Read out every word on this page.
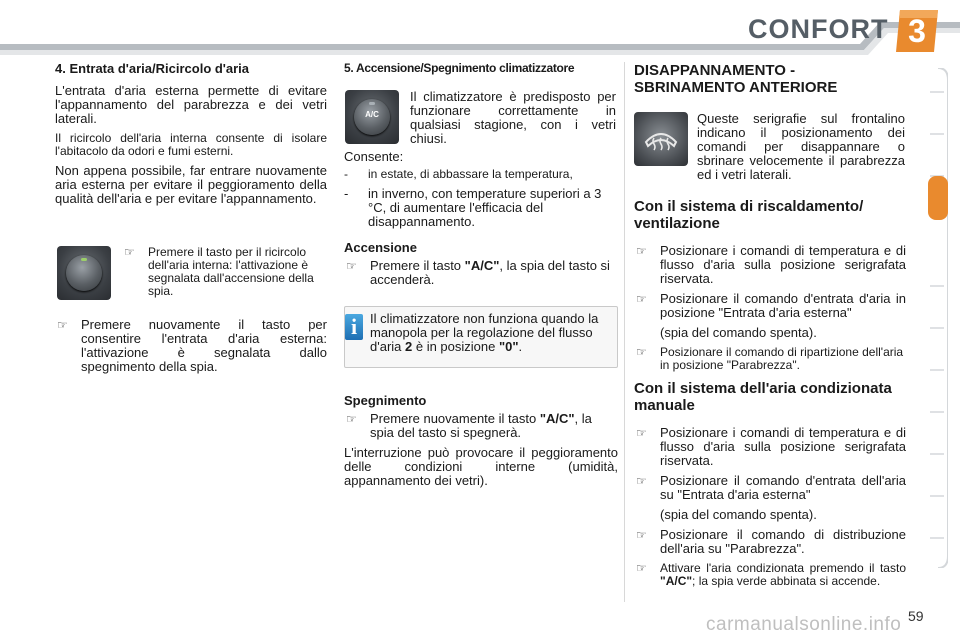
CONFORT 3
4. Entrata d'aria/Ricircolo d'aria

L'entrata d'aria esterna permette di evitare l'appannamento del parabrezza e dei vetri laterali.

Il ricircolo dell'aria interna consente di isolare l'abitacolo da odori e fumi esterni.

Non appena possibile, far entrare nuovamente aria esterna per evitare il peggioramento della qualità dell'aria e per evitare l'appannamento.

☞ Premere il tasto per il ricircolo dell'aria interna: l'attivazione è segnalata dall'accensione della spia.

☞ Premere nuovamente il tasto per consentire l'entrata d'aria esterna: l'attivazione è segnalata dallo spegnimento della spia.

5. Accensione/Spegnimento climatizzatore
A/C

Il climatizzatore è predisposto per funzionare correttamente in qualsiasi stagione, con i vetri chiusi.

Consente:

- in estate, di abbassare la temperatura,

- in inverno, con temperature superiori a 3 °C, di aumentare l'efficacia del disappannamento.

Accensione

☞ Premere il tasto "A/C", la spia del tasto si accenderà.

i Il climatizzatore non funziona quando la manopola per la regolazione del flusso d'aria 2 è in posizione "0".
Spegnimento

☞ Premere nuovamente il tasto "A/C", la spia del tasto si spegnerà.

L'interruzione può provocare il peggioramento delle condizioni interne (umidità, appannamento dei vetri).

DISAPPANNAMENTO - SBRINAMENTO ANTERIORE

Queste serigrafie sul frontalino indicano il posizionamento dei comandi per disappannare o sbrinare velocemente il parabrezza ed i vetri laterali.

Con il sistema di riscaldamento/ ventilazione

☞ Posizionare i comandi di temperatura e di flusso d'aria sulla posizione serigrafata riservata.

☞ Posizionare il comando d'entrata d'aria in posizione "Entrata d'aria esterna"

(spia del comando spenta).

☞ Posizionare il comando di ripartizione dell'aria in posizione "Parabrezza".

Con il sistema dell'aria condizionata manuale

☞ Posizionare i comandi di temperatura e di flusso d'aria sulla posizione serigrafata riservata.

☞ Posizionare il comando d'entrata dell'aria su "Entrata d'aria esterna"

(spia del comando spenta).

☞ Posizionare il comando di distribuzione dell'aria su "Parabrezza".

☞ Attivare l'aria condizionata premendo il tasto "A/C"; la spia verde abbinata si accende.

carmanualsonline.info 59
